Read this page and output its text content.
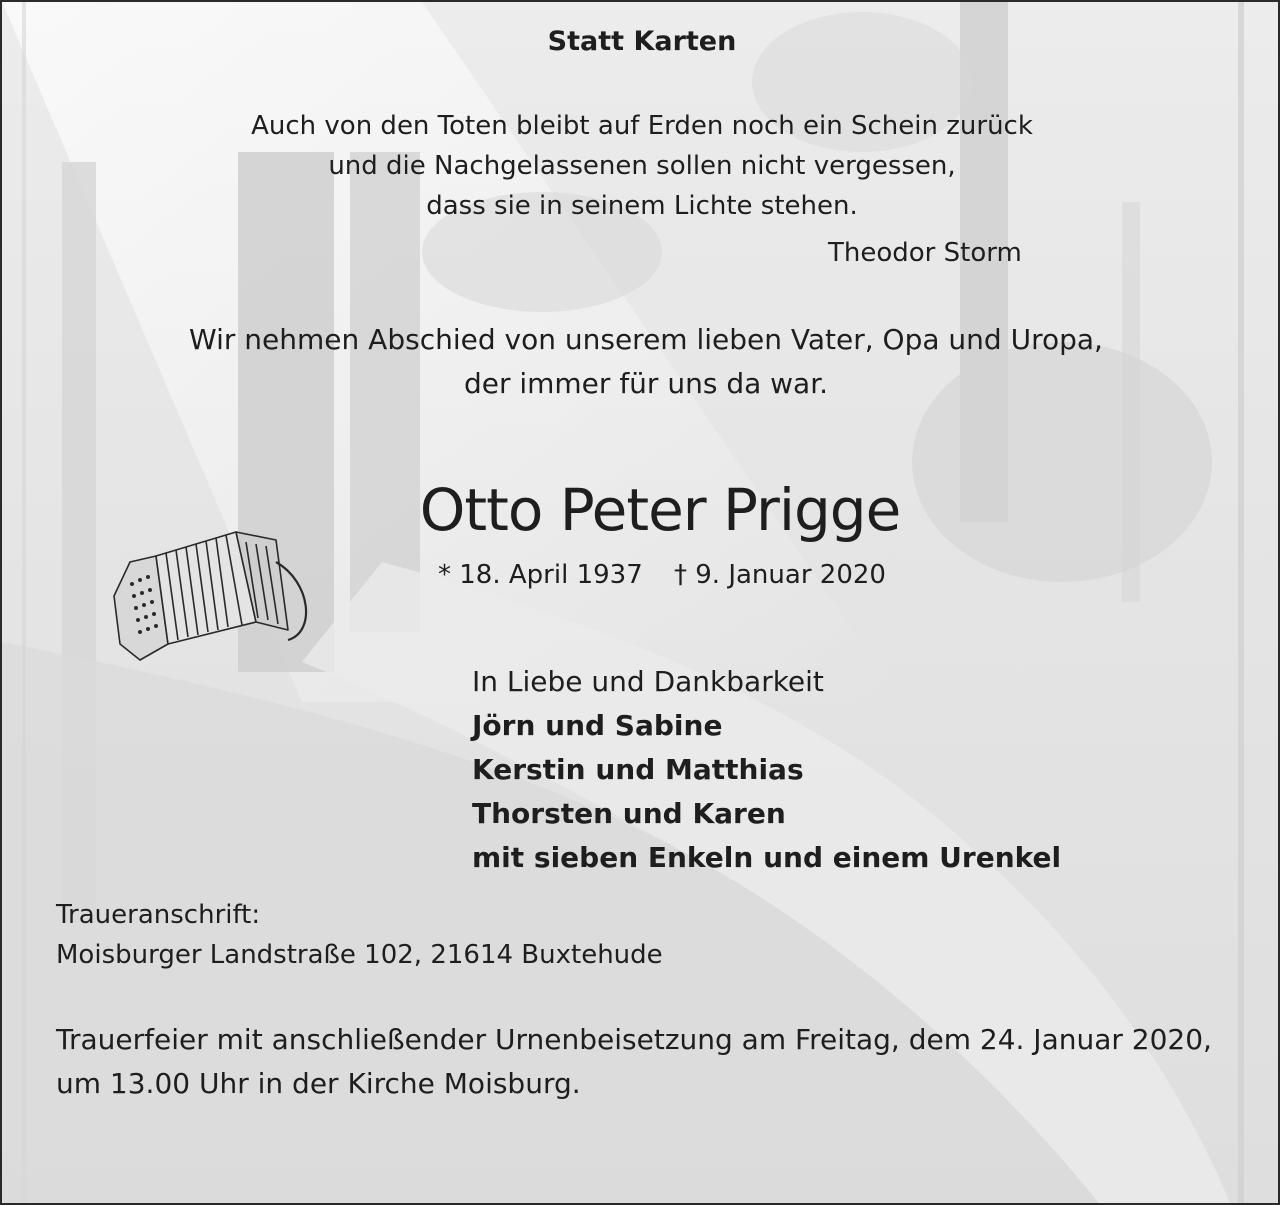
Statt Karten

Auch von den Toten bleibt auf Erden noch ein Schein zurück
und die Nachgelassenen sollen nicht vergessen,
dass sie in seinem Lichte stehen.

Theodor Storm

Wir nehmen Abschied von unserem lieben Vater, Opa und Uropa,
der immer für uns da war.

Otto Peter Prigge

* 18. April 1937 † 9. Januar 2020

In Liebe und Dankbarkeit
Jörn und Sabine
Kerstin und Matthias
Thorsten und Karen
mit sieben Enkeln und einem Urenkel

Traueranschrift:

Moisburger Landstraße 102, 21614 Buxtehude

Trauerfeier mit anschließender Urnenbeisetzung am Freitag, dem 24. Januar 2020,
um 13.00 Uhr in der Kirche Moisburg.
